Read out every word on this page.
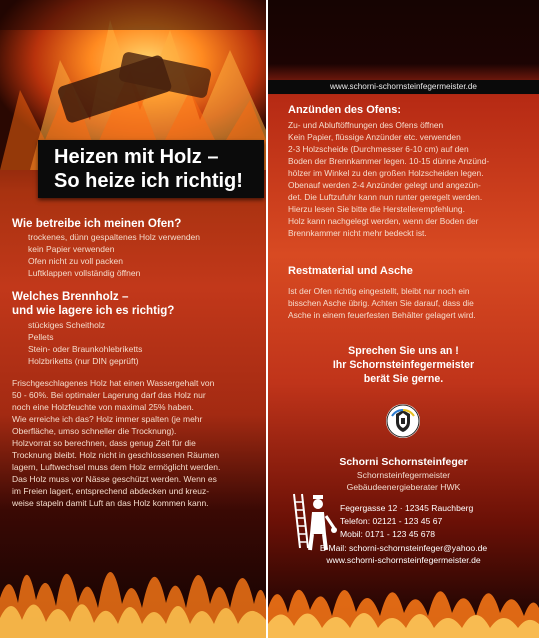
Heizen mit Holz –
So heize ich richtig!
Wie betreibe ich meinen Ofen?
trockenes, dünn gespaltenes Holz verwenden
kein Papier verwenden
Ofen nicht zu voll packen
Luftklappen vollständig öffnen
Welches Brennholz –
und wie lagere ich es richtig?
stückiges Scheitholz
Pellets
Stein- oder Braunkohlebriketts
Holzbriketts (nur DIN geprüft)
Frischgeschlagenes Holz hat einen Wassergehalt von
50 - 60%. Bei optimaler Lagerung darf das Holz nur
noch eine Holzfeuchte von maximal 25% haben.
Wie erreiche ich das? Holz immer spalten (je mehr
Oberfläche, umso schneller die Trocknung).
Holzvorrat so berechnen, dass genug Zeit für die
Trocknung bleibt. Holz nicht in geschlossenen Räumen
lagern, Luftwechsel muss dem Holz ermöglicht werden.
Das Holz muss vor Nässe geschützt werden. Wenn es
im Freien lagert, entsprechend abdecken und kreuz-
weise stapeln damit Luft an das Holz kommen kann.
www.schorni-schornsteinfegermeister.de
Anzünden des Ofens:
Zu- und Abluftöffnungen des Ofens öffnen
Kein Papier, flüssige Anzünder etc. verwenden
2-3 Holzscheide (Durchmesser 6-10 cm) auf den
Boden der Brennkammer legen. 10-15 dünne Anzünd-
hölzer im Winkel zu den großen Holzscheiden legen.
Obenauf werden 2-4 Anzünder gelegt und angezün-
det. Die Luftzufuhr kann nun runter geregelt werden.
Hierzu lesen Sie bitte die Herstellerempfehlung.
Holz kann nachgelegt werden, wenn der Boden der
Brennkammer nicht mehr bedeckt ist.
Restmaterial und Asche
Ist der Ofen richtig eingestellt, bleibt nur noch ein
bisschen Asche übrig. Achten Sie darauf, dass die
Asche in einem feuerfesten Behälter gelagert wird.
Sprechen Sie uns an !
Ihr Schornsteinfegermeister
berät Sie gerne.
Schorni Schornsteinfeger
Schornsteinfegermeister
Gebäudeenergieberater HWK
Fegergasse 12 · 12345 Rauchberg
Telefon: 02121 - 123 45 67
Mobil: 0171 - 123 45 678
E-Mail: schorni-schornsteinfeger@yahoo.de
www.schorni-schornsteinfegermeister.de
